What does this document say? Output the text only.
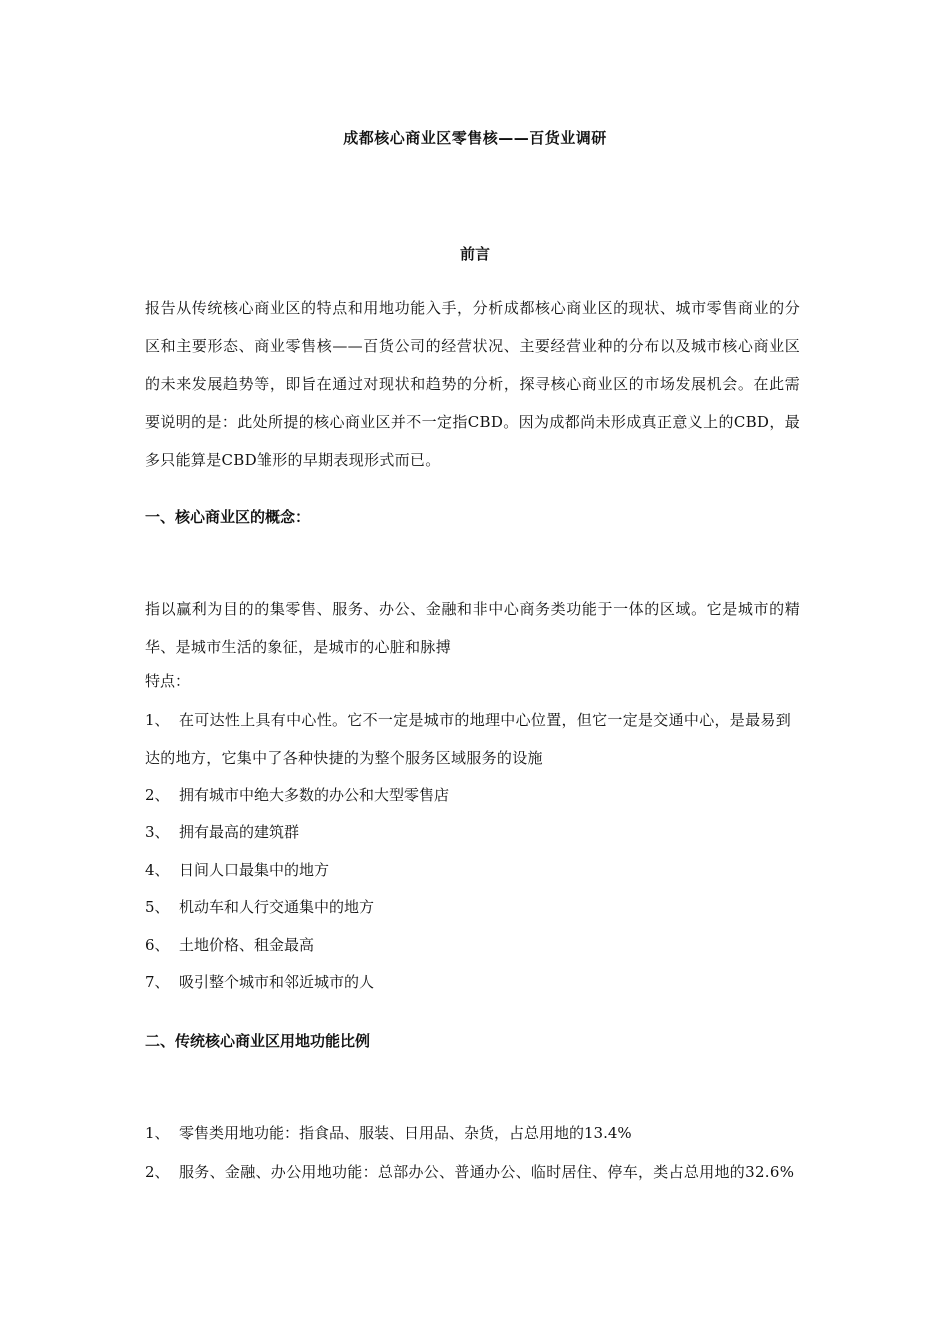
成都核心商业区零售核——百货业调研
前言
报告从传统核心商业区的特点和用地功能入手，分析成都核心商业区的现状、城市零售商业的分区和主要形态、商业零售核——百货公司的经营状况、主要经营业种的分布以及城市核心商业区的未来发展趋势等，即旨在通过对现状和趋势的分析，探寻核心商业区的市场发展机会。在此需要说明的是：此处所提的核心商业区并不一定指CBD。因为成都尚未形成真正意义上的CBD，最多只能算是CBD雏形的早期表现形式而已。
一、核心商业区的概念：
指以赢利为目的的集零售、服务、办公、金融和非中心商务类功能于一体的区域。它是城市的精华、是城市生活的象征，是城市的心脏和脉搏
特点：
1、 在可达性上具有中心性。它不一定是城市的地理中心位置，但它一定是交通中心，是最易到达的地方，它集中了各种快捷的为整个服务区域服务的设施
2、 拥有城市中绝大多数的办公和大型零售店
3、 拥有最高的建筑群
4、 日间人口最集中的地方
5、 机动车和人行交通集中的地方
6、 土地价格、租金最高
7、 吸引整个城市和邻近城市的人
二、传统核心商业区用地功能比例
1、 零售类用地功能：指食品、服装、日用品、杂货，占总用地的13.4%
2、 服务、金融、办公用地功能：总部办公、普通办公、临时居住、停车，类占总用地的32.6%
